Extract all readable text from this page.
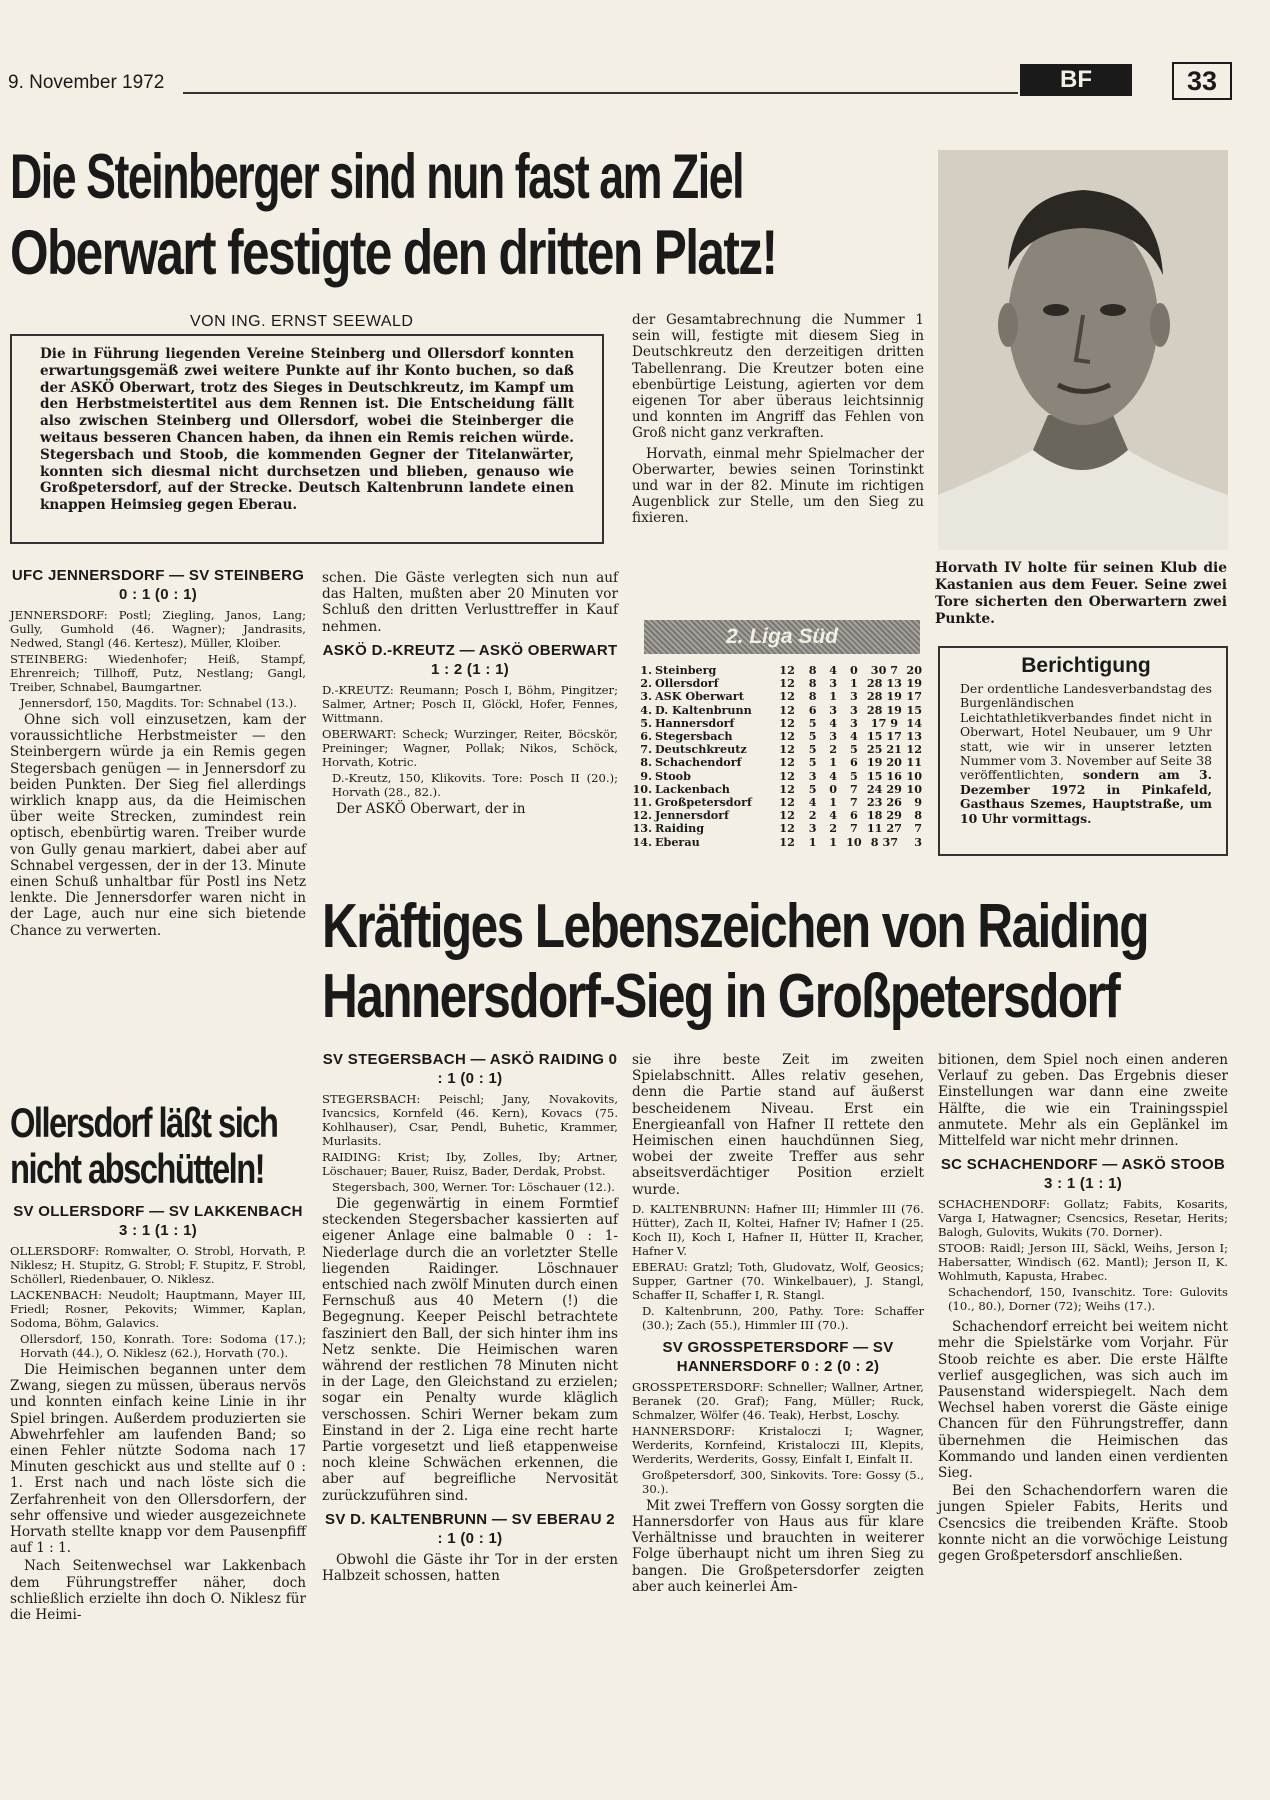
9. November 1972	BF	33
Die Steinberger sind nun fast am Ziel
Oberwart festigte den dritten Platz!
VON ING. ERNST SEEWALD

Die in Führung liegenden Vereine Steinberg und Ollersdorf konnten erwartungsgemäß zwei weitere Punkte auf ihr Konto buchen, so daß der ASKÖ Oberwart, trotz des Sieges in Deutschkreutz, im Kampf um den Herbstmeistertitel aus dem Rennen ist. Die Entscheidung fällt also zwischen Steinberg und Ollersdorf, wobei die Steinberger die weitaus besseren Chancen haben, da ihnen ein Remis reichen würde. Stegersbach und Stoob, die kommenden Gegner der Titelanwärter, konnten sich diesmal nicht durchsetzen und blieben, genauso wie Großpetersdorf, auf der Strecke. Deutsch Kaltenbrunn landete einen knappen Heimsieg gegen Eberau.

UFC JENNERSDORF — SV STEINBERG 0 : 1 (0 : 1)

JENNERSDORF: Postl; Ziegling, Janos, Lang; Gully, Gumhold (46. Wagner); Jandrasits, Nedwed, Stangl (46. Kertesz), Müller, Kloiber.

STEINBERG: Wiedenhofer; Heiß, Stampf, Ehrenreich; Tillhoff, Putz, Nestlang; Gangl, Treiber, Schnabel, Baumgartner.

Jennersdorf, 150, Magdits. Tor: Schnabel (13.).

Ohne sich voll einzusetzen, kam der voraussichtliche Herbstmeister — den Steinbergern würde ja ein Remis gegen Stegersbach genügen — in Jennersdorf zu beiden Punkten. Der Sieg fiel allerdings wirklich knapp aus, da die Heimischen über weite Strecken, zumindest rein optisch, ebenbürtig waren. Treiber wurde von Gully genau markiert, dabei aber auf Schnabel vergessen, der in der 13. Minute einen Schuß unhaltbar für Postl ins Netz lenkte. Die Jennersdorfer waren nicht in der Lage, auch nur eine sich bietende Chance zu verwerten.

schen. Die Gäste verlegten sich nun auf das Halten, mußten aber 20 Minuten vor Schluß den dritten Verlusttreffer in Kauf nehmen.

ASKÖ D.-KREUTZ — ASKÖ OBERWART 1 : 2 (1 : 1)

D.-KREUTZ: Reumann; Posch I, Böhm, Pingitzer; Salmer, Artner; Posch II, Glöckl, Hofer, Fennes, Wittmann.

OBERWART: Scheck; Wurzinger, Reiter, Böcskör, Preininger; Wagner, Pollak; Nikos, Schöck, Horvath, Kotric.

D.-Kreutz, 150, Klikovits. Tore: Posch II (20.); Horvath (28., 82.).

Der ASKÖ Oberwart, der in

der Gesamtabrechnung die Nummer 1 sein will, festigte mit diesem Sieg in Deutschkreutz den derzeitigen dritten Tabellenrang. Die Kreutzer boten eine ebenbürtige Leistung, agierten vor dem eigenen Tor aber überaus leichtsinnig und konnten im Angriff das Fehlen von Groß nicht ganz verkraften.

Horvath, einmal mehr Spielmacher der Oberwarter, bewies seinen Torinstinkt und war in der 82. Minute im richtigen Augenblick zur Stelle, um den Sieg zu fixieren.

Horvath IV holte für seinen Klub die Kastanien aus dem Feuer. Seine zwei Tore sicherten den Oberwartern zwei Punkte.

2. Liga Süd
1.	Steinberg	12	8	4	0	30 7	20
2.	Ollersdorf	12	8	3	1	28 13	19
3.	ASK Oberwart	12	8	1	3	28 19	17
4.	D. Kaltenbrunn	12	6	3	3	28 19	15
5.	Hannersdorf	12	5	4	3	17 9	14
6.	Stegersbach	12	5	3	4	15 17	13
7.	Deutschkreutz	12	5	2	5	25 21	12
8.	Schachendorf	12	5	1	6	19 20	11
9.	Stoob	12	3	4	5	15 16	10
10.	Lackenbach	12	5	0	7	24 29	10
11.	Großpetersdorf	12	4	1	7	23 26	9
12.	Jennersdorf	12	2	4	6	18 29	8
13.	Raiding	12	3	2	7	11 27	7
14.	Eberau	12	1	1	10	8 37	3
Berichtigung

Der ordentliche Landesverbandstag des Burgenländischen Leichtathletikverbandes findet nicht in Oberwart, Hotel Neubauer, um 9 Uhr statt, wie wir in unserer letzten Nummer vom 3. November auf Seite 38 veröffentlichten, sondern am 3. Dezember 1972 in Pinkafeld, Gasthaus Szemes, Hauptstraße, um 10 Uhr vormittags.

Kräftiges Lebenszeichen von Raiding
Hannersdorf-Sieg in Großpetersdorf
Ollersdorf läßt sich
nicht abschütteln!
SV OLLERSDORF — SV LAKKENBACH 3 : 1 (1 : 1)

OLLERSDORF: Romwalter, O. Strobl, Horvath, P. Niklesz; H. Stupitz, G. Strobl; F. Stupitz, F. Strobl, Schöllerl, Riedenbauer, O. Niklesz.

LACKENBACH: Neudolt; Hauptmann, Mayer III, Friedl; Rosner, Pekovits; Wimmer, Kaplan, Sodoma, Böhm, Galavics.

Ollersdorf, 150, Konrath. Tore: Sodoma (17.); Horvath (44.), O. Niklesz (62.), Horvath (70.).

Die Heimischen begannen unter dem Zwang, siegen zu müssen, überaus nervös und konnten einfach keine Linie in ihr Spiel bringen. Außerdem produzierten sie Abwehrfehler am laufenden Band; so einen Fehler nützte Sodoma nach 17 Minuten geschickt aus und stellte auf 0 : 1. Erst nach und nach löste sich die Zerfahrenheit von den Ollersdorfern, der sehr offensive und wieder ausgezeichnete Horvath stellte knapp vor dem Pausenpfiff auf 1 : 1.

Nach Seitenwechsel war Lakkenbach dem Führungstreffer näher, doch schließlich erzielte ihn doch O. Niklesz für die Heimi-

SV STEGERSBACH — ASKÖ RAIDING 0 : 1 (0 : 1)

STEGERSBACH: Peischl; Jany, Novakovits, Ivancsics, Kornfeld (46. Kern), Kovacs (75. Kohlhauser), Csar, Pendl, Buhetic, Krammer, Murlasits.

RAIDING: Krist; Iby, Zolles, Iby; Artner, Löschauer; Bauer, Ruisz, Bader, Derdak, Probst.

Stegersbach, 300, Werner. Tor: Löschauer (12.).

Die gegenwärtig in einem Formtief steckenden Stegersbacher kassierten auf eigener Anlage eine balmable 0 : 1-Niederlage durch die an vorletzter Stelle liegenden Raidinger. Löschnauer entschied nach zwölf Minuten durch einen Fernschuß aus 40 Metern (!) die Begegnung. Keeper Peischl betrachtete fasziniert den Ball, der sich hinter ihm ins Netz senkte. Die Heimischen waren während der restlichen 78 Minuten nicht in der Lage, den Gleichstand zu erzielen; sogar ein Penalty wurde kläglich verschossen. Schiri Werner bekam zum Einstand in der 2. Liga eine recht harte Partie vorgesetzt und ließ etappenweise noch kleine Schwächen erkennen, die aber auf begreifliche Nervosität zurückzuführen sind.

SV D. KALTENBRUNN — SV EBERAU 2 : 1 (0 : 1)

Obwohl die Gäste ihr Tor in der ersten Halbzeit schossen, hatten

sie ihre beste Zeit im zweiten Spielabschnitt. Alles relativ gesehen, denn die Partie stand auf äußerst bescheidenem Niveau. Erst ein Energieanfall von Hafner II rettete den Heimischen einen hauchdünnen Sieg, wobei der zweite Treffer aus sehr abseitsverdächtiger Position erzielt wurde.

D. KALTENBRUNN: Hafner III; Himmler III (76. Hütter), Zach II, Koltei, Hafner IV; Hafner I (25. Koch II), Koch I, Hafner II, Hütter II, Kracher, Hafner V.

EBERAU: Gratzl; Toth, Gludovatz, Wolf, Geosics; Supper, Gartner (70. Winkelbauer), J. Stangl, Schaffer II, Schaffer I, R. Stangl.

D. Kaltenbrunn, 200, Pathy. Tore: Schaffer (30.); Zach (55.), Himmler III (70.).

SV GROSSPETERSDORF — SV HANNERSDORF 0 : 2 (0 : 2)

GROSSPETERSDORF: Schneller; Wallner, Artner, Beranek (20. Graf); Fang, Müller; Ruck, Schmalzer, Wölfer (46. Teak), Herbst, Loschy.

HANNERSDORF: Kristaloczi I; Wagner, Werderits, Kornfeind, Kristaloczi III, Klepits, Werderits, Werderits, Gossy, Einfalt I, Einfalt II.

Großpetersdorf, 300, Sinkovits. Tore: Gossy (5., 30.).

Mit zwei Treffern von Gossy sorgten die Hannersdorfer von Haus aus für klare Verhältnisse und brauchten in weiterer Folge überhaupt nicht um ihren Sieg zu bangen. Die Großpetersdorfer zeigten aber auch keinerlei Am-

bitionen, dem Spiel noch einen anderen Verlauf zu geben. Das Ergebnis dieser Einstellungen war dann eine zweite Hälfte, die wie ein Trainingsspiel anmutete. Mehr als ein Geplänkel im Mittelfeld war nicht mehr drinnen.

SC SCHACHENDORF — ASKÖ STOOB 3 : 1 (1 : 1)

SCHACHENDORF: Gollatz; Fabits, Kosarits, Varga I, Hatwagner; Csencsics, Resetar, Herits; Balogh, Gulovits, Wukits (70. Dorner).

STOOB: Raidl; Jerson III, Säckl, Weihs, Jerson I; Habersatter, Windisch (62. Mantl); Jerson II, K. Wohlmuth, Kapusta, Hrabec.

Schachendorf, 150, Ivanschitz. Tore: Gulovits (10., 80.), Dorner (72); Weihs (17.).

Schachendorf erreicht bei weitem nicht mehr die Spielstärke vom Vorjahr. Für Stoob reichte es aber. Die erste Hälfte verlief ausgeglichen, was sich auch im Pausenstand widerspiegelt. Nach dem Wechsel haben vorerst die Gäste einige Chancen für den Führungstreffer, dann übernehmen die Heimischen das Kommando und landen einen verdienten Sieg.

Bei den Schachendorfern waren die jungen Spieler Fabits, Herits und Csencsics die treibenden Kräfte. Stoob konnte nicht an die vorwöchige Leistung gegen Großpetersdorf anschließen.
